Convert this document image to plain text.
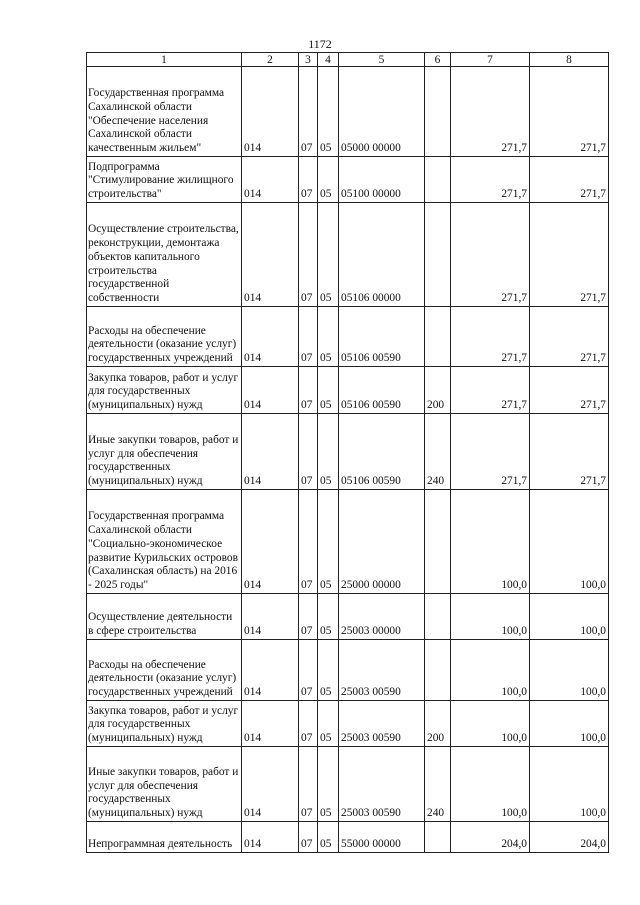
1172
1	2	3	4	5	6	7	8
Государственная программа Сахалинской области "Обеспечение населения Сахалинской области качественным жильем"	014	07	05	05000 00000		271,7	271,7
Подпрограмма "Стимулирование жилищного строительства"	014	07	05	05100 00000		271,7	271,7
Осуществление строительства, реконструкции, демонтажа объектов капитального строительства государственной собственности	014	07	05	05106 00000		271,7	271,7
Расходы на обеспечение деятельности (оказание услуг) государственных учреждений	014	07	05	05106 00590		271,7	271,7
Закупка товаров, работ и услуг для государственных (муниципальных) нужд	014	07	05	05106 00590	200	271,7	271,7
Иные закупки товаров, работ и услуг для обеспечения государственных (муниципальных) нужд	014	07	05	05106 00590	240	271,7	271,7
Государственная программа Сахалинской области "Социально-экономическое развитие Курильских островов (Сахалинская область) на 2016 - 2025 годы"	014	07	05	25000 00000		100,0	100,0
Осуществление деятельности в сфере строительства	014	07	05	25003 00000		100,0	100,0
Расходы на обеспечение деятельности (оказание услуг) государственных учреждений	014	07	05	25003 00590		100,0	100,0
Закупка товаров, работ и услуг для государственных (муниципальных) нужд	014	07	05	25003 00590	200	100,0	100,0
Иные закупки товаров, работ и услуг для обеспечения государственных (муниципальных) нужд	014	07	05	25003 00590	240	100,0	100,0
Непрограммная деятельность	014	07	05	55000 00000		204,0	204,0
